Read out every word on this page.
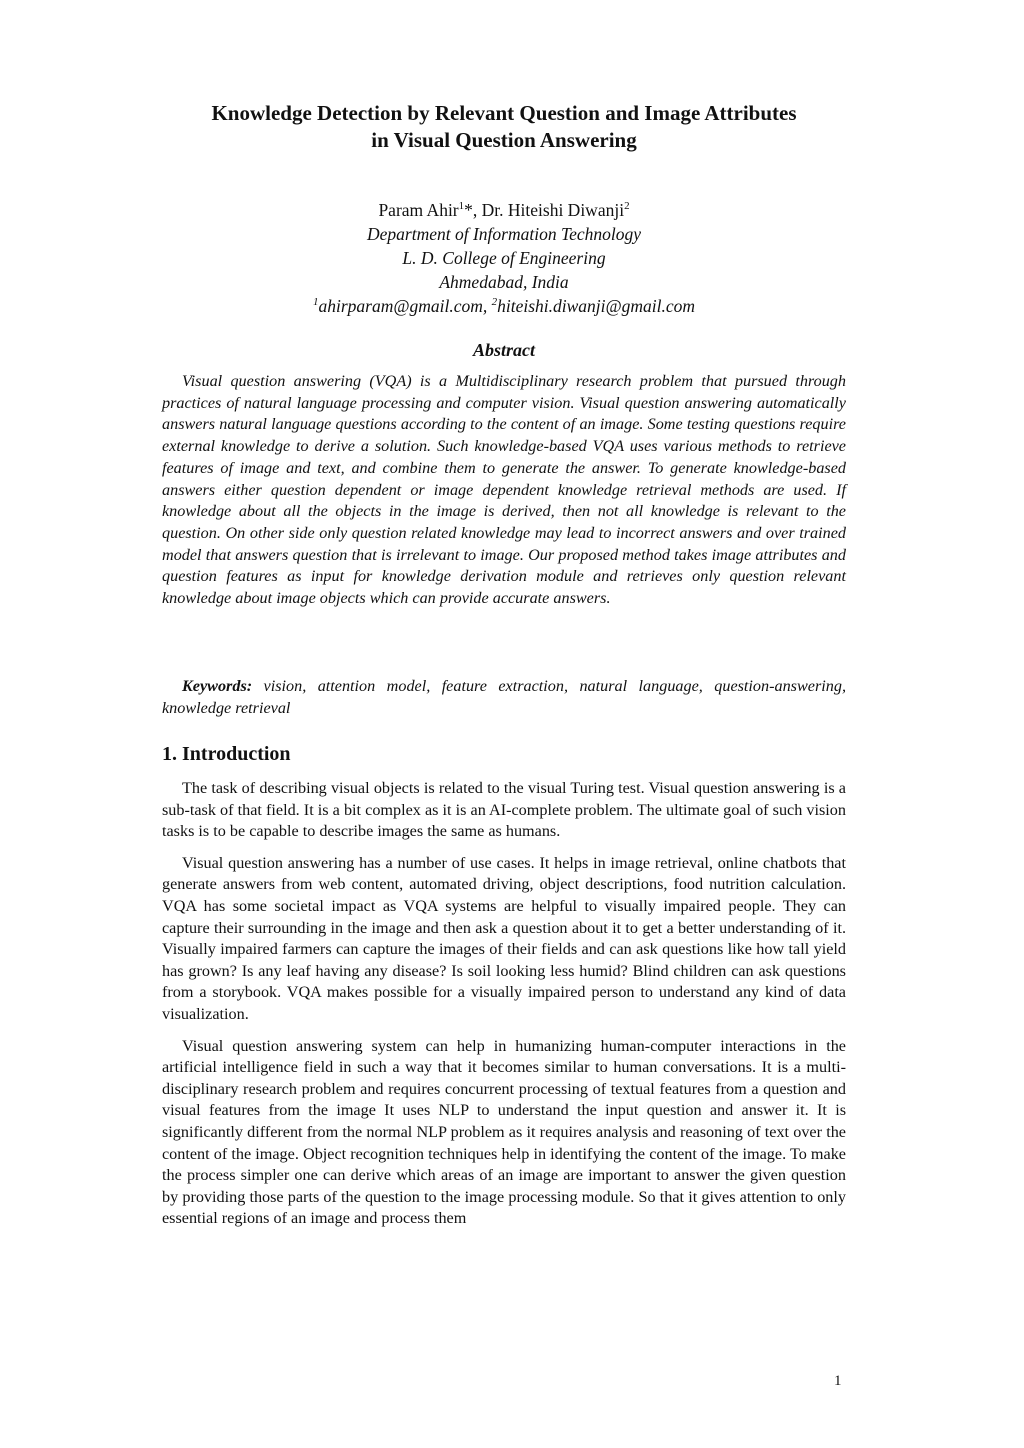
Knowledge Detection by Relevant Question and Image Attributes
in Visual Question Answering
Param Ahir$^1$*, Dr. Hiteishi Diwanji$^2$
Department of Information Technology
L. D. College of Engineering
Ahmedabad, India
$^1$ahirparam@gmail.com, $^2$hiteishi.diwanji@gmail.com
Abstract

Visual question answering (VQA) is a Multidisciplinary research problem that pursued through practices of natural language processing and computer vision. Visual question answering automatically answers natural language questions according to the content of an image. Some testing questions require external knowledge to derive a solution. Such knowledge-based VQA uses various methods to retrieve features of image and text, and combine them to generate the answer. To generate knowledge-based answers either question dependent or image dependent knowledge retrieval methods are used. If knowledge about all the objects in the image is derived, then not all knowledge is relevant to the question. On other side only question related knowledge may lead to incorrect answers and over trained model that answers question that is irrelevant to image. Our proposed method takes image attributes and question features as input for knowledge derivation module and retrieves only question relevant knowledge about image objects which can provide accurate answers.

Keywords: vision, attention model, feature extraction, natural language, question-answering, knowledge retrieval

1. Introduction

The task of describing visual objects is related to the visual Turing test. Visual question answering is a sub-task of that field. It is a bit complex as it is an AI-complete problem. The ultimate goal of such vision tasks is to be capable to describe images the same as humans.

Visual question answering has a number of use cases. It helps in image retrieval, online chatbots that generate answers from web content, automated driving, object descriptions, food nutrition calculation. VQA has some societal impact as VQA systems are helpful to visually impaired people. They can capture their surrounding in the image and then ask a question about it to get a better understanding of it. Visually impaired farmers can capture the images of their fields and can ask questions like how tall yield has grown? Is any leaf having any disease? Is soil looking less humid? Blind children can ask questions from a storybook. VQA makes possible for a visually impaired person to understand any kind of data visualization.

Visual question answering system can help in humanizing human-computer interactions in the artificial intelligence field in such a way that it becomes similar to human conversations. It is a multi-disciplinary research problem and requires concurrent processing of textual features from a question and visual features from the image It uses NLP to understand the input question and answer it. It is significantly different from the normal NLP problem as it requires analysis and reasoning of text over the content of the image. Object recognition techniques help in identifying the content of the image. To make the process simpler one can derive which areas of an image are important to answer the given question by providing those parts of the question to the image processing module. So that it gives attention to only essential regions of an image and process them

1
